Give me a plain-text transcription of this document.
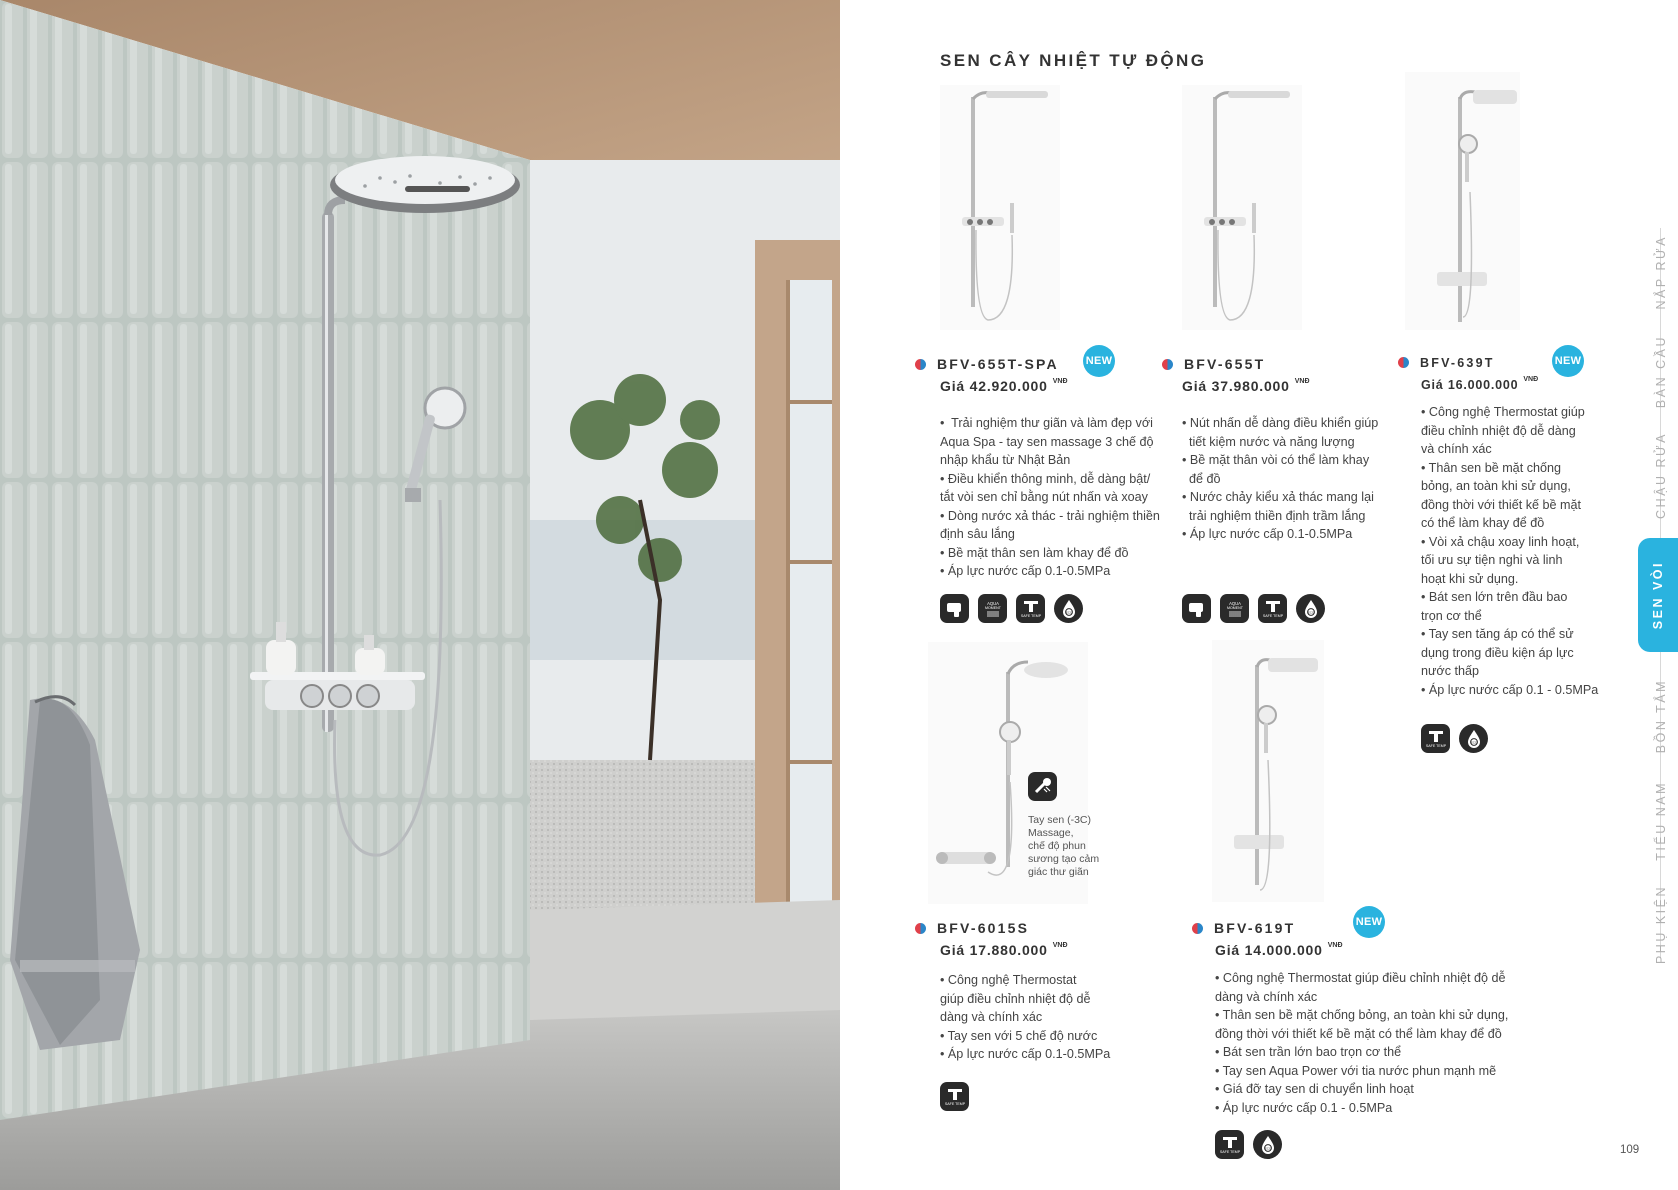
SEN CÂY NHIỆT TỰ ĐỘNG
BFV-655T-SPA NEW
Giá 42.920.000 $^{VNĐ}$
•  Trải nghiệm thư giãn và làm đẹp với
Aqua Spa - tay sen massage 3 chế độ
nhập khẩu từ Nhật Bản
• Điều khiển thông minh, dễ dàng bật/
tắt vòi sen chỉ bằng nút nhấn và xoay
• Dòng nước xả thác - trải nghiệm thiền
định sâu lắng
• Bề mặt thân sen làm khay để đồ
• Áp lực nước cấp 0.1-0.5MPa
AQUA
MOMENT
SAFE TEMP
ECO
BFV-655T
Giá 37.980.000 $^{VNĐ}$
• Nút nhấn dễ dàng điều khiển giúp
tiết kiệm nước và năng lượng
• Bề mặt thân vòi có thể làm khay
để đồ
• Nước chảy kiểu xả thác mang lại
trải nghiệm thiền định trầm lắng
• Áp lực nước cấp 0.1-0.5MPa
AQUA
MOMENT
SAFE TEMP
ECO
BFV-639T	NEW
Giá 16.000.000 $^{VNĐ}$
• Công nghệ Thermostat giúp
điều chỉnh nhiệt độ dễ dàng
và chính xác
• Thân sen bề mặt chống
bỏng, an toàn khi sử dụng,
đồng thời với thiết kế bề mặt
có thể làm khay để đồ
• Vòi xả chậu xoay linh hoạt,
tối ưu sự tiện nghi và linh
hoạt khi sử dụng.
• Bát sen lớn trên đầu bao
trọn cơ thể
• Tay sen tăng áp có thể sử
dụng trong điều kiện áp lực
nước thấp
• Áp lực nước cấp 0.1 - 0.5MPa
SAFE TEMP
ECO
Tay sen (-3C)
Massage,
chế độ phun
sương tạo cảm
giác thư giãn
BFV-6015S
Giá 17.880.000 $^{VNĐ}$
• Công nghệ Thermostat
giúp điều chỉnh nhiệt độ dễ
dàng và chính xác
• Tay sen với 5 chế độ nước
• Áp lực nước cấp 0.1-0.5MPa
SAFE TEMP
BFV-619T	NEW
Giá 14.000.000 $^{VNĐ}$
• Công nghệ Thermostat giúp điều chỉnh nhiệt độ dễ
dàng và chính xác
• Thân sen bề mặt chống bỏng, an toàn khi sử dụng,
đồng thời với thiết kế bề mặt có thể làm khay để đồ
• Bát sen trần lớn bao trọn cơ thể
• Tay sen Aqua Power với tia nước phun mạnh mẽ
• Giá đỡ tay sen di chuyển linh hoạt
• Áp lực nước cấp 0.1 - 0.5MPa
SAFE TEMP
ECO
NẮP RỬA
BÀN CẦU
CHẬU RỬA
SEN VÒI
BỒN TẮM
TIỂU NAM
PHỤ KIỆN
109
